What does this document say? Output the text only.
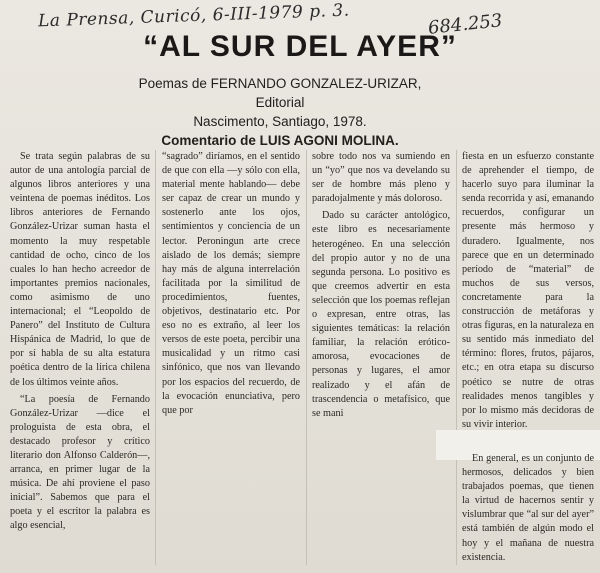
La Prensa, Curicó, 6-III-1979 p. 3.	684.253
“AL SUR DEL AYER”
Poemas de FERNANDO GONZALEZ-URIZAR, Editorial
Nascimento, Santiago, 1978.
Comentario de LUIS AGONI MOLINA.

Se trata según palabras de su autor de una antología parcial de algunos libros anteriores y una veintena de poemas inéditos. Los libros anteriores de Fernando González-Urizar suman hasta el momento la muy respetable cantidad de ocho, cinco de los cuales lo han hecho acreedor de importantes premios nacionales, como asimismo de uno internacional; el “Leopoldo de Panero” del Instituto de Cultura Hispánica de Madrid, lo que de por sí habla de su alta estatura poética dentro de la lírica chilena de los últimos veinte años.

“La poesía de Fernando González-Urizar —dice el prologuista de esta obra, el destacado profesor y crítico literario don Alfonso Calderón—, arranca, en primer lugar de la música. De ahí proviene el paso inicial”. Sabemos que para el poeta y el escritor la palabra es algo esencial,

“sagrado” diríamos, en el sentido de que con ella —y sólo con ella, material mente hablando— debe ser capaz de crear un mundo y sostenerlo ante los ojos, sentimientos y conciencia de un lector. Peroningun arte crece aislado de los demás; siempre hay más de alguna interrelación facilitada por la similitud de procedimientos, fuentes, objetivos, destinatario etc. Por eso no es extraño, al leer los versos de este poeta, percibir una musicalidad y un ritmo casi sinfónico, que nos van llevando por los espacios del recuerdo, de la evocación enunciativa, pero que por

sobre todo nos va sumiendo en un “yo” que nos va develando su ser de hombre más pleno y paradojalmente y más doloroso.

Dado su carácter antológico, este libro es necesariamente heterogéneo. En una selección del propio autor y no de una segunda persona. Lo positivo es que creemos advertir en esta selección que los poemas reflejan o expresan, entre otras, las siguientes temáticas: la relación familiar, la relación erótico-amorosa, evocaciones de personas y lugares, el amor realizado y el afán de trascendencia o metafísico, que se mani

fiesta en un esfuerzo constante de aprehender el tiempo, de hacerlo suyo para iluminar la senda recorrida y así, emanando recuerdos, configurar un presente más hermoso y duradero. Igualmente, nos parece que en un determinado período de “material” de muchos de sus versos, concretamente para la construcción de metáforas y otras figuras, en la naturaleza en su sentido más inmediato del término: flores, frutos, pájaros, etc.; en otra etapa su discurso poético se nutre de otras realidades menos tangibles y por lo mismo más decidoras de su vivir interior.

En general, es un conjunto de hermosos, delicados y bien trabajados poemas, que tienen la virtud de hacernos sentir y vislumbrar que “al sur del ayer” está también de algún modo el hoy y el mañana de nuestra existencia.
